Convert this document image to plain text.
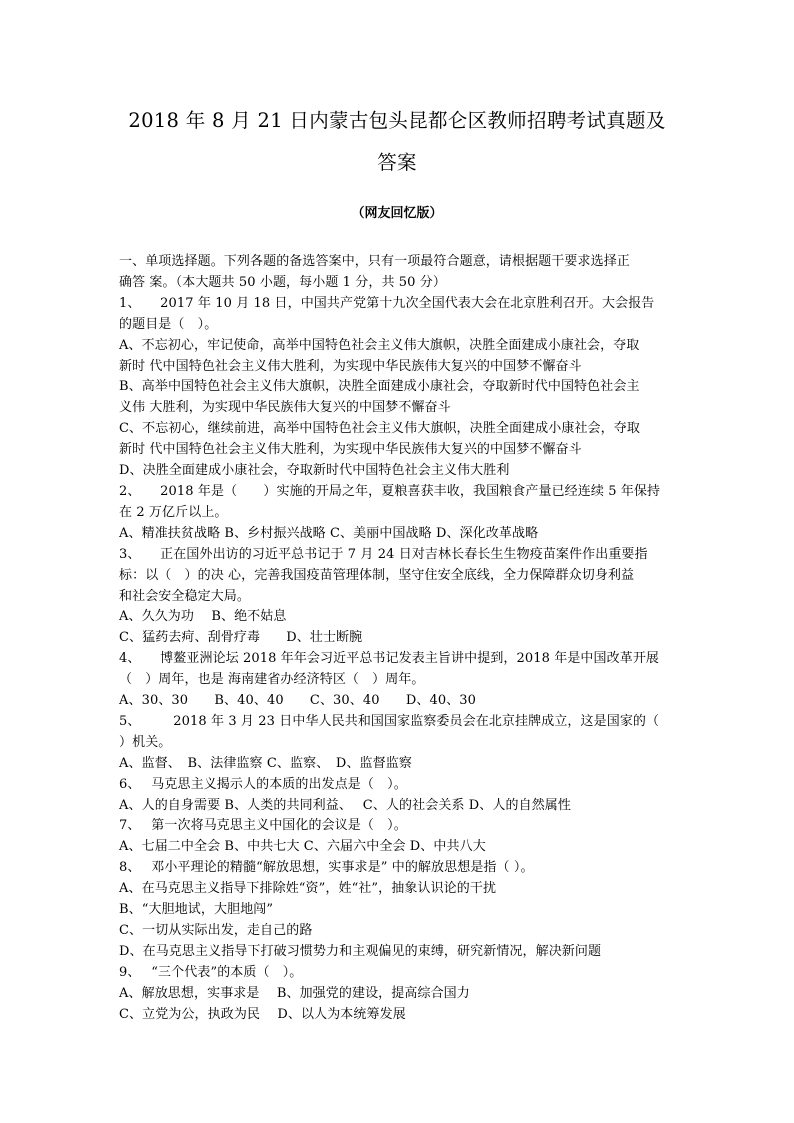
2018 年 8 月 21 日内蒙古包头昆都仑区教师招聘考试真题及
答案
（网友回忆版）
一、单项选择题。下列各题的备选答案中，只有一项最符合题意，请根据题干要求选择正
确答 案。（本大题共 50 小题，每小题 1 分，共 50 分）
1、　　2017 年 10 月 18 日，中国共产党第十九次全国代表大会在北京胜利召开。大会报告
的题目是（　）。
A、不忘初心，牢记使命，高举中国特色社会主义伟大旗帜，决胜全面建成小康社会，夺取
新时 代中国特色社会主义伟大胜利，为实现中华民族伟大复兴的中国梦不懈奋斗
B、高举中国特色社会主义伟大旗帜，决胜全面建成小康社会，夺取新时代中国特色社会主
义伟 大胜利，为实现中华民族伟大复兴的中国梦不懈奋斗
C、不忘初心，继续前进，高举中国特色社会主义伟大旗帜，决胜全面建成小康社会，夺取
新时 代中国特色社会主义伟大胜利，为实现中华民族伟大复兴的中国梦不懈奋斗
D、决胜全面建成小康社会，夺取新时代中国特色社会主义伟大胜利
2、　　2018 年是（　　）实施的开局之年，夏粮喜获丰收，我国粮食产量已经连续 5 年保持
在 2 万亿斤以上。
A、精准扶贫战略 B、乡村振兴战略 C、美丽中国战略 D、深化改革战略
3、　　正在国外出访的习近平总书记于 7 月 24 日对吉林长春长生生物疫苗案件作出重要指
标：以（　）的决 心，完善我国疫苗管理体制，坚守住安全底线，全力保障群众切身利益
和社会安全稳定大局。
A、久久为功　 B、绝不姑息
C、猛药去疴、刮骨疗毒　　D、壮士断腕
4、　　博鳌亚洲论坛 2018 年年会习近平总书记发表主旨讲中提到，2018 年是中国改革开展
（　）周年，也是 海南建省办经济特区（　）周年。
A、30、30　　B、40、40　　C、30、40　　D、40、30
5、　　　2018 年 3 月 23 日中华人民共和国国家监察委员会在北京挂牌成立，这是国家的（
）机关。
A、监督、　B、法律监察 C、监察、　D、监督监察
6、　 马克思主义揭示人的本质的出发点是（　）。
A、人的自身需要 B、人类的共同利益、　 C、人的社会关系 D、人的自然属性
7、　 第一次将马克思主义中国化的会议是（　）。
A、七届二中全会 B、中共七大 C、六届六中全会 D、中共八大
8、　 邓小平理论的精髓“解放思想，实事求是” 中的解放思想是指（ ）。
A、在马克思主义指导下排除姓“资”，姓“社”，抽象认识论的干扰
B、“大胆地试，大胆地闯”
C、一切从实际出发，走自己的路
D、在马克思主义指导下打破习惯势力和主观偏见的束缚，研究新情况，解决新问题
9、　 “三个代表”的本质（　）。
A、解放思想，实事求是　 B、加强党的建设，提高综合国力
C、立党为公，执政为民　 D、以人为本统筹发展
